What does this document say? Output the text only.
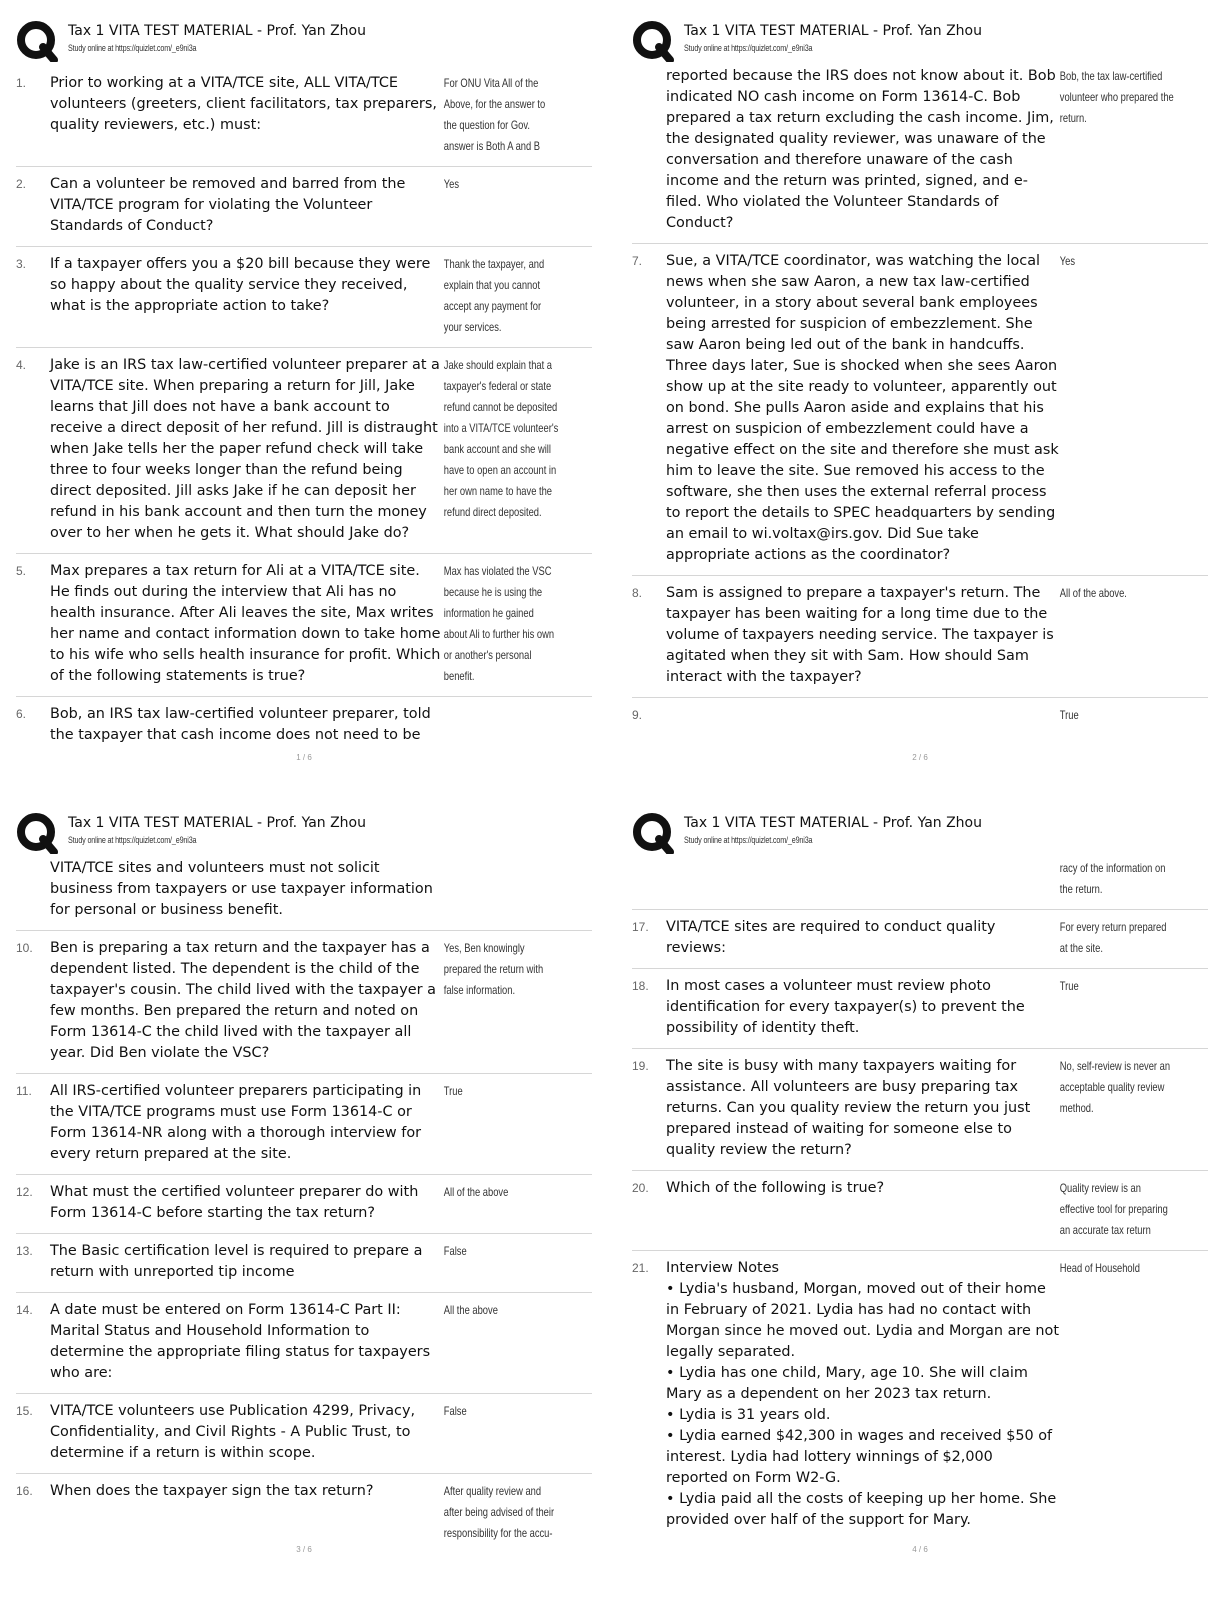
Tax 1 VITA TEST MATERIAL - Prof. Yan Zhou
Study online at https://quizlet.com/_e9ni3a
1.	Prior to working at a VITA/TCE site, ALL VITA/TCE volunteers (greeters, client facilitators, tax preparers, quality reviewers, etc.) must:
For ONU Vita All of the Above, for the answer to the question for Gov. answer is Both A and B
2.	Can a volunteer be removed and barred from the VITA/TCE program for violating the Volunteer Standards of Conduct?
Yes
3.	If a taxpayer offers you a $20 bill because they were so happy about the quality service they received, what is the appropriate action to take?
Thank the taxpayer, and explain that you cannot accept any payment for your services.
4.	Jake is an IRS tax law-certified volunteer preparer at a VITA/TCE site. When preparing a return for Jill, Jake learns that Jill does not have a bank account to receive a direct deposit of her refund. Jill is distraught when Jake tells her the paper refund check will take three to four weeks longer than the refund being direct deposited. Jill asks Jake if he can deposit her refund in his bank account and then turn the money over to her when he gets it. What should Jake do?
Jake should explain that a taxpayer's federal or state refund cannot be deposited into a VITA/TCE volunteer's bank account and she will have to open an account in her own name to have the refund direct deposited.
5.	Max prepares a tax return for Ali at a VITA/TCE site. He finds out during the interview that Ali has no health insurance. After Ali leaves the site, Max writes her name and contact information down to take home to his wife who sells health insurance for profit. Which of the following statements is true?
Max has violated the VSC because he is using the information he gained about Ali to further his own or another's personal benefit.
6.	Bob, an IRS tax law-certified volunteer preparer, told the taxpayer that cash income does not need to be
1 / 6
Tax 1 VITA TEST MATERIAL - Prof. Yan Zhou
Study online at https://quizlet.com/_e9ni3a
reported because the IRS does not know about it. Bob indicated NO cash income on Form 13614-C. Bob prepared a tax return excluding the cash income. Jim, the designated quality reviewer, was unaware of the conversation and therefore unaware of the cash income and the return was printed, signed, and e-filed. Who violated the Volunteer Standards of Conduct?
Bob, the tax law-certified volunteer who prepared the return.
7.	Sue, a VITA/TCE coordinator, was watching the local news when she saw Aaron, a new tax law-certified volunteer, in a story about several bank employees being arrested for suspicion of embezzlement. She saw Aaron being led out of the bank in handcuffs. Three days later, Sue is shocked when she sees Aaron show up at the site ready to volunteer, apparently out on bond. She pulls Aaron aside and explains that his arrest on suspicion of embezzlement could have a negative effect on the site and therefore she must ask him to leave the site. Sue removed his access to the software, she then uses the external referral process to report the details to SPEC headquarters by sending an email to wi.voltax@irs.gov. Did Sue take appropriate actions as the coordinator?
Yes
8.	Sam is assigned to prepare a taxpayer's return. The taxpayer has been waiting for a long time due to the volume of taxpayers needing service. The taxpayer is agitated when they sit with Sam. How should Sam interact with the taxpayer?
All of the above.
9.	True
2 / 6
Tax 1 VITA TEST MATERIAL - Prof. Yan Zhou
Study online at https://quizlet.com/_e9ni3a
VITA/TCE sites and volunteers must not solicit business from taxpayers or use taxpayer information for personal or business benefit.
10.	Ben is preparing a tax return and the taxpayer has a dependent listed. The dependent is the child of the taxpayer's cousin. The child lived with the taxpayer a few months. Ben prepared the return and noted on Form 13614-C the child lived with the taxpayer all year. Did Ben violate the VSC?
Yes, Ben knowingly prepared the return with false information.
11.	All IRS-certified volunteer preparers participating in the VITA/TCE programs must use Form 13614-C or Form 13614-NR along with a thorough interview for every return prepared at the site.
True
12.	What must the certified volunteer preparer do with Form 13614-C before starting the tax return?
All of the above
13.	The Basic certification level is required to prepare a return with unreported tip income
False
14.	A date must be entered on Form 13614-C Part II: Marital Status and Household Information to determine the appropriate filing status for taxpayers who are:
All the above
15.	VITA/TCE volunteers use Publication 4299, Privacy, Confidentiality, and Civil Rights - A Public Trust, to determine if a return is within scope.
False
16.	When does the taxpayer sign the tax return?	After quality review and after being advised of their responsibility for the accu-
3 / 6
Tax 1 VITA TEST MATERIAL - Prof. Yan Zhou
Study online at https://quizlet.com/_e9ni3a
racy of the information on the return.
17.	VITA/TCE sites are required to conduct quality reviews:
For every return prepared at the site.
18.	In most cases a volunteer must review photo identification for every taxpayer(s) to prevent the possibility of identity theft.
True
19.	The site is busy with many taxpayers waiting for assistance. All volunteers are busy preparing tax returns. Can you quality review the return you just prepared instead of waiting for someone else to quality review the return?
No, self-review is never an acceptable quality review method.
20.	Which of the following is true?	Quality review is an effective tool for preparing an accurate tax return
21.	Interview Notes
• Lydia's husband, Morgan, moved out of their home in February of 2021. Lydia has had no contact with Morgan since he moved out. Lydia and Morgan are not legally separated.
• Lydia has one child, Mary, age 10. She will claim Mary as a dependent on her 2023 tax return.
• Lydia is 31 years old.
• Lydia earned $42,300 in wages and received $50 of interest. Lydia had lottery winnings of $2,000 reported on Form W2-G.
• Lydia paid all the costs of keeping up her home. She provided over half of the support for Mary.
Head of Household
4 / 6
